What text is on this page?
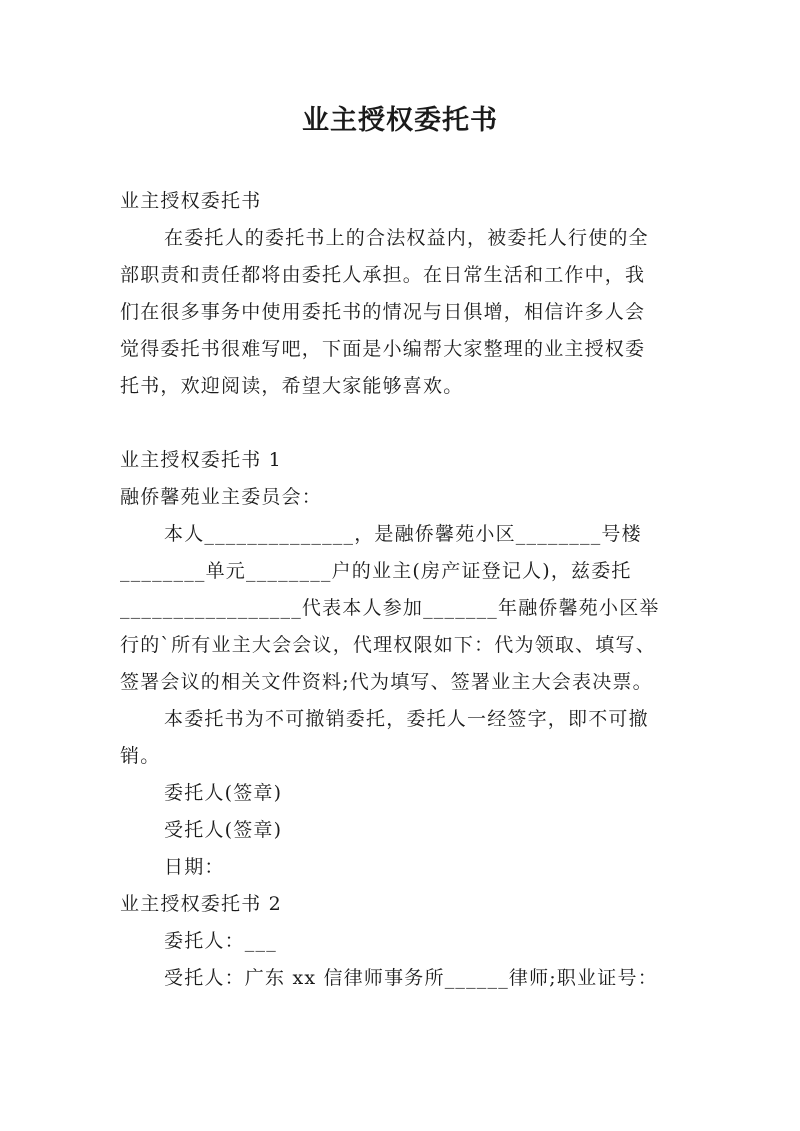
业主授权委托书

业主授权委托书

在委托人的委托书上的合法权益内，被委托人行使的全

部职责和责任都将由委托人承担。在日常生活和工作中，我

们在很多事务中使用委托书的情况与日俱增，相信许多人会

觉得委托书很难写吧，下面是小编帮大家整理的业主授权委

托书，欢迎阅读，希望大家能够喜欢。

业主授权委托书 1

融侨馨苑业主委员会：

本人______________，是融侨馨苑小区________号楼

________单元________户的业主(房产证登记人)，兹委托

_________________代表本人参加_______年融侨馨苑小区举

行的`所有业主大会会议，代理权限如下：代为领取、填写、

签署会议的相关文件资料;代为填写、签署业主大会表决票。

本委托书为不可撤销委托，委托人一经签字，即不可撤

销。

委托人(签章)

受托人(签章)

日期：

业主授权委托书 2

委托人：___

受托人：广东 xx 信律师事务所______律师;职业证号：
